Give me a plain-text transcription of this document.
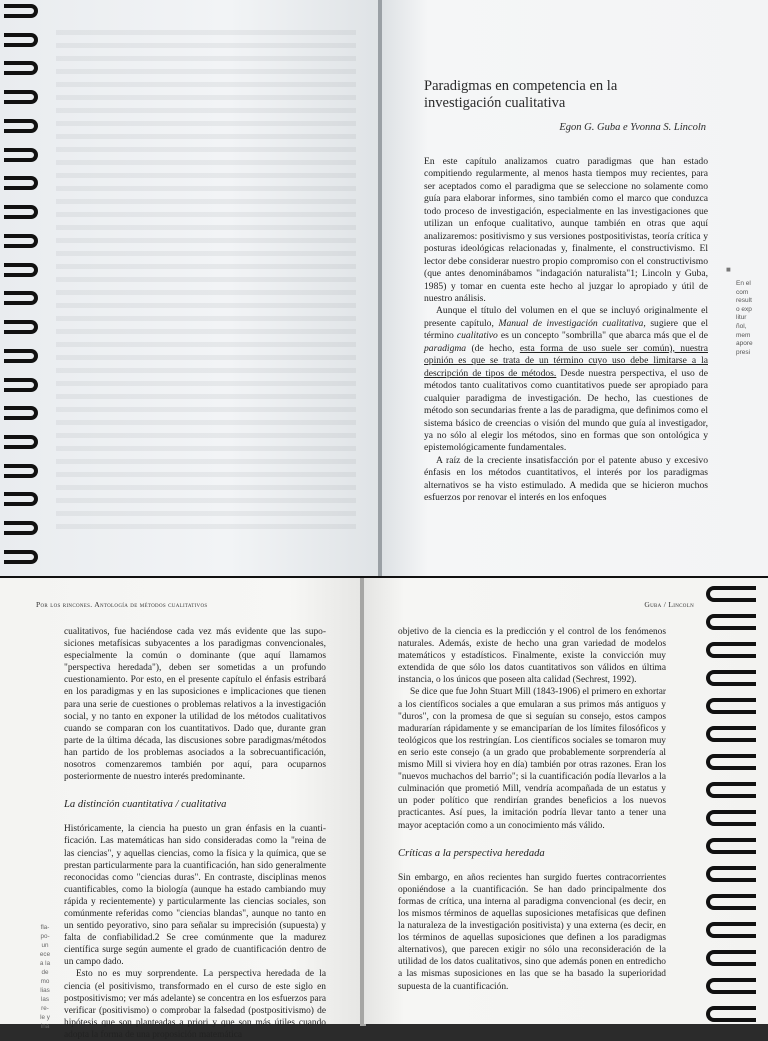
Paradigmas en competencia en la investigación cualitativa
Egon G. Guba e Yvonna S. Lincoln

En este capítulo analizamos cuatro paradigmas que han estado compitiendo regularmente, al menos hasta tiempos muy recientes, para ser aceptados como el paradigma que se seleccione no solamente como guía para elaborar informes, sino también como el marco que conduzca todo proceso de investigación, especialmente en las investigaciones que utilizan un enfoque cualitativo, aunque también en otras que aquí analizaremos: positivismo y sus versiones postpositivistas, teoría crítica y posturas ideológicas relacionadas y, finalmente, el constructivismo. El lector debe considerar nuestro propio compromiso con el constructivismo (que antes denominábamos "indagación naturalista"1; Lincoln y Guba, 1985) y tomar en cuenta este hecho al juzgar lo apropiado y útil de nuestro análisis.

Aunque el título del volumen en el que se incluyó originalmente el presente capítulo, Manual de investigación cualitativa, sugiere que el término cualitativo es un concepto "sombrilla" que abarca más que el de paradigma (de hecho, esta forma de uso suele ser común), nuestra opinión es que se trata de un término cuyo uso debe limitarse a la descripción de tipos de métodos. Desde nuestra perspectiva, el uso de métodos tanto cualitativos como cuantitativos puede ser apropiado para cualquier paradigma de investigación. De hecho, las cuestiones de método son secundarias frente a las de paradigma, que definimos como el sistema básico de creencias o visión del mundo que guía al investigador, ya no sólo al elegir los métodos, sino en formas que son ontológica y epistemológicamente fundamentales.

A raíz de la creciente insatisfacción por el patente abuso y excesivo énfasis en los métodos cuantitativos, el interés por los paradigmas alternativos se ha visto estimulado. A medida que se hicieron muchos esfuerzos por renovar el interés en los enfoques

■
En el
com
result
o exp
litur
ñol,
mem
apore
presi
Por los rincones. Antología de métodos cualitativos

cualitativos, fue haciéndose cada vez más evidente que las suposiciones metafísicas subyacentes a los paradigmas convencionales, especialmente la común o dominante (que aquí llamamos "perspectiva heredada"), deben ser sometidas a un profundo cuestionamiento. Por esto, en el presente capítulo el énfasis estribará en los paradigmas y en las suposiciones e implicaciones que tienen para una serie de cuestiones o problemas relativos a la investigación social, y no tanto en exponer la utilidad de los métodos cualitativos cuando se comparan con los cuantitativos. Dado que, durante gran parte de la última década, las discusiones sobre paradigmas/métodos han partido de los problemas asociados a la sobrecuantificación, nosotros comenzaremos también por aquí, para ocuparnos posteriormente de nuestro interés predominante.

La distinción cuantitativa / cualitativa

Históricamente, la ciencia ha puesto un gran énfasis en la cuantificación. Las matemáticas han sido consideradas como la "reina de las ciencias", y aquellas ciencias, como la física y la química, que se prestan particularmente para la cuantificación, han sido generalmente reconocidas como "ciencias duras". En contraste, disciplinas menos cuantificables, como la biología (aunque ha estado cambiando muy rápida y recientemente) y particularmente las ciencias sociales, son comúnmente referidas como "ciencias blandas", aunque no tanto en un sentido peyorativo, sino para señalar su imprecisión (supuesta) y falta de confiabilidad.2 Se cree comúnmente que la madurez científica surge según aumente el grado de cuantificación dentro de un campo dado.

Esto no es muy sorprendente. La perspectiva heredada de la ciencia (el positivismo, transformado en el curso de este siglo en postpositivismo; ver más adelante) se concentra en los esfuerzos para verificar (positivismo) o comprobar la falsedad (postpositivismo) de hipótesis que son planteadas a priori y que son más útiles cuando adopta la forma de una proposición matemática

fla-
po-
un
ece
a la
de
mo
lias
las
re-
le y
ina
Guba / Lincoln

objetivo de la ciencia es la predicción y el control de los fenómenos naturales. Además, existe de hecho una gran variedad de modelos matemáticos y estadísticos. Finalmente, existe la convicción muy extendida de que sólo los datos cuantitativos son válidos en última instancia, o los únicos que poseen alta calidad (Sechrest, 1992).

Se dice que fue John Stuart Mill (1843-1906) el primero en exhortar a los científicos sociales a que emularan a sus primos más antiguos y "duros", con la promesa de que si seguían su consejo, estos campos madurarían rápidamente y se emanciparían de los límites filosóficos y teológicos que los restringían. Los científicos sociales se tomaron muy en serio este consejo (a un grado que probablemente sorprendería al mismo Mill si viviera hoy en día) también por otras razones. Eran los "nuevos muchachos del barrio"; si la cuantificación podía llevarlos a la culminación que prometió Mill, vendría acompañada de un estatus y un poder político que rendirían grandes beneficios a los nuevos practicantes. Así pues, la imitación podría llevar tanto a tener una mayor aceptación como a un conocimiento más válido.

Críticas a la perspectiva heredada

Sin embargo, en años recientes han surgido fuertes contracorrientes oponiéndose a la cuantificación. Se han dado principalmente dos formas de crítica, una interna al paradigma convencional (es decir, en los mismos términos de aquellas suposiciones metafísicas que definen la naturaleza de la investigación positivista) y una externa (es decir, en los términos de aquellas suposiciones que definen a los paradigmas alternativos), que parecen exigir no sólo una reconsideración de la utilidad de los datos cualitativos, sino que además ponen en entredicho a las mismas suposiciones en las que se ha basado la superioridad supuesta de la cuantificación.
